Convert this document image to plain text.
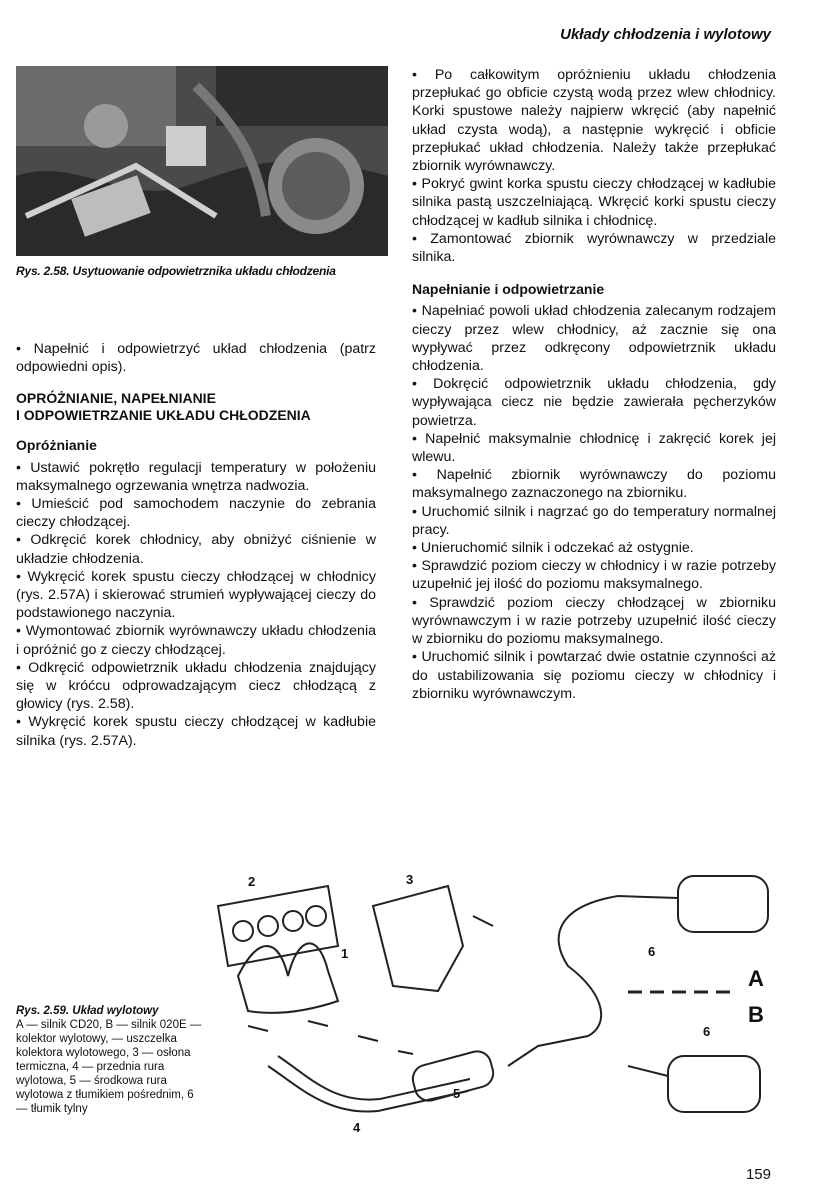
Układy chłodzenia i wylotowy
Rys. 2.58. Usytuowanie odpowietrznika układu chłodzenia

• Napełnić i odpowietrzyć układ chłodzenia (patrz odpowiedni opis).

OPRÓŻNIANIE, NAPEŁNIANIE
I ODPOWIETRZANIE UKŁADU CHŁODZENIA
Opróżnianie

• Ustawić pokrętło regulacji temperatury w położeniu maksymalnego ogrzewania wnętrza nadwozia.

• Umieścić pod samochodem naczynie do zebrania cieczy chłodzącej.

• Odkręcić korek chłodnicy, aby obniżyć ciśnienie w układzie chłodzenia.

• Wykręcić korek spustu cieczy chłodzącej w chłodnicy (rys. 2.57A) i skierować strumień wypływającej cieczy do podstawionego naczynia.

• Wymontować zbiornik wyrównawczy układu chłodzenia i opróżnić go z cieczy chłodzącej.

• Odkręcić odpowietrznik układu chłodzenia znajdujący się w króćcu odprowadzającym ciecz chłodzącą z głowicy (rys. 2.58).

• Wykręcić korek spustu cieczy chłodzącej w kadłubie silnika (rys. 2.57A).

• Po całkowitym opróżnieniu układu chłodzenia przepłukać go obficie czystą wodą przez wlew chłodnicy. Korki spustowe należy najpierw wkręcić (aby napełnić układ czysta wodą), a następnie wykręcić i obficie przepłukać układ chłodzenia. Należy także przepłukać zbiornik wyrównawczy.

• Pokryć gwint korka spustu cieczy chłodzącej w kadłubie silnika pastą uszczelniającą. Wkręcić korki spustu cieczy chłodzącej w kadłub silnika i chłodnicę.

• Zamontować zbiornik wyrównawczy w przedziale silnika.

Napełnianie i odpowietrzanie

• Napełniać powoli układ chłodzenia zalecanym rodzajem cieczy przez wlew chłodnicy, aż zacznie się ona wypływać przez odkręcony odpowietrznik układu chłodzenia.

• Dokręcić odpowietrznik układu chłodzenia, gdy wypływająca ciecz nie będzie zawierała pęcherzyków powietrza.

• Napełnić maksymalnie chłodnicę i zakręcić korek jej wlewu.

• Napełnić zbiornik wyrównawczy do poziomu maksymalnego zaznaczonego na zbiorniku.

• Uruchomić silnik i nagrzać go do temperatury normalnej pracy.

• Unieruchomić silnik i odczekać aż ostygnie.

• Sprawdzić poziom cieczy w chłodnicy i w razie potrzeby uzupełnić jej ilość do poziomu maksymalnego.

• Sprawdzić poziom cieczy chłodzącej w zbiorniku wyrównawczym i w razie potrzeby uzupełnić ilość cieczy w zbiorniku do poziomu maksymalnego.

• Uruchomić silnik i powtarzać dwie ostatnie czynności aż do ustabilizowania się poziomu cieczy w chłodnicy i zbiorniku wyrównawczym.

2
1
3
4
5
6
6
A
B
Rys. 2.59. Układ wylotowy
A — silnik CD20, B — silnik 020E — kolektor wylotowy, — uszczelka kolektora wylotowego, 3 — osłona termiczna, 4 — przednia rura wylotowa, 5 — środkowa rura wylotowa z tłumikiem pośrednim, 6 — tłumik tylny
159
